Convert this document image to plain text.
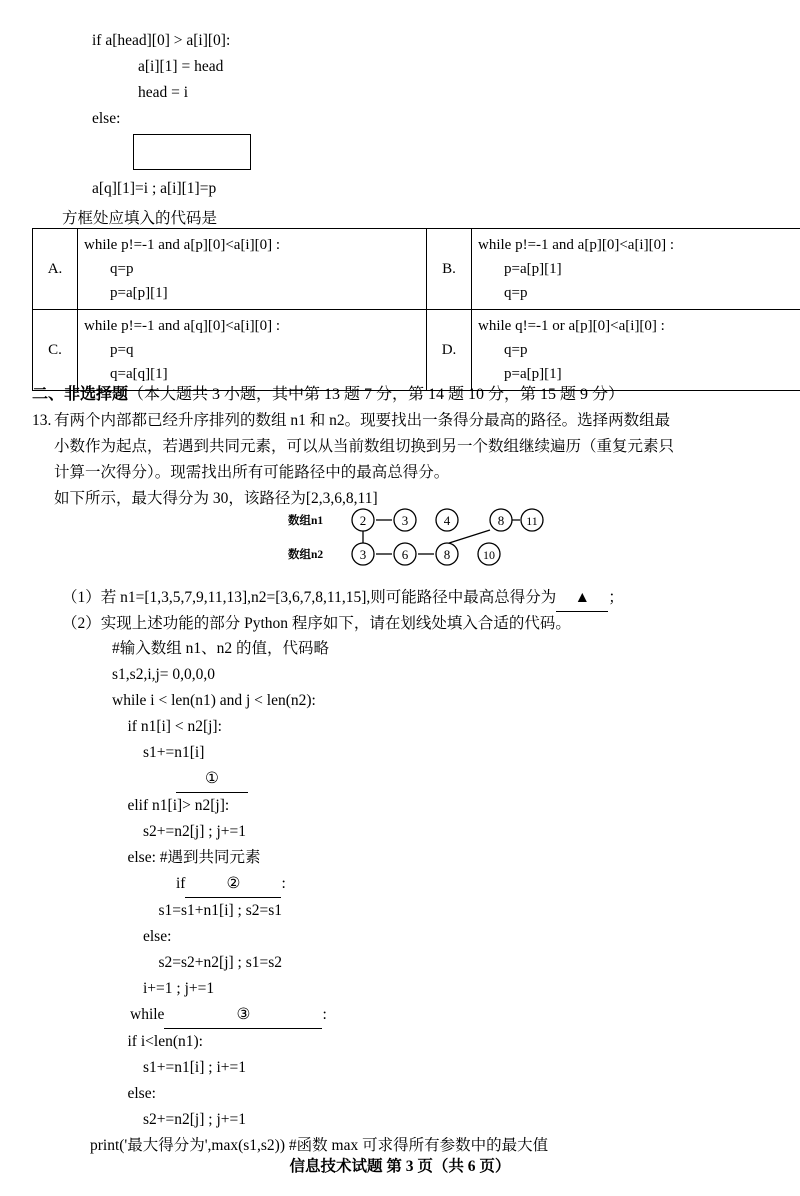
if a[head][0] > a[i][0]:
a[i][1] = head
head = i
else:
a[q][1]=i ; a[i][1]=p
方框处应填入的代码是
A.	
while p!=-1 and a[p][0]<a[i][0] :
q=p
p=a[p][1]
	B.	
while p!=-1 and a[p][0]<a[i][0] :
p=a[p][1]
q=p

C.	
while p!=-1 and a[q][0]<a[i][0] :
p=q
q=a[q][1]
	D.	
while q!=-1 or a[p][0]<a[i][0] :
q=p
p=a[p][1]
二、非选择题（本大题共 3 小题，其中第 13 题 7 分，第 14 题 10 分，第 15 题 9 分）
13. 有两个内部都已经升序排列的数组 n1 和 n2。现要找出一条得分最高的路径。选择两数组最

小数作为起点，若遇到共同元素，可以从当前数组切换到另一个数组继续遍历（重复元素只

计算一次得分）。现需找出所有可能路径中的最高总得分。

如下所示，最大得分为 30，该路径为[2,3,6,8,11]

2	3	4	8 11
3	6	8	10
数组n1
数组n2
（1）若 n1=[1,3,5,7,9,11,13],n2=[3,6,7,8,11,15],则可能路径中最高总得分为 ▲ ；
（2）实现上述功能的部分 Python 程序如下，请在划线处填入合适的代码。
#输入数组 n1、n2 的值，代码略
s1,s2,i,j= 0,0,0,0
while i < len(n1) and j < len(n2):
if n1[i] < n2[j]:
s1+=n1[i]
①
elif n1[i]> n2[j]:
s2+=n2[j] ; j+=1
else: #遇到共同元素
if	②	:
s1=s1+n1[i] ; s2=s1
else:
s2=s2+n2[j] ; s1=s2
i+=1 ; j+=1
while	③	:
if i<len(n1):
s1+=n1[i] ; i+=1
else:
s2+=n2[j] ; j+=1
print('最大得分为',max(s1,s2)) #函数 max 可求得所有参数中的最大值
信息技术试题 第 3 页（共 6 页）
